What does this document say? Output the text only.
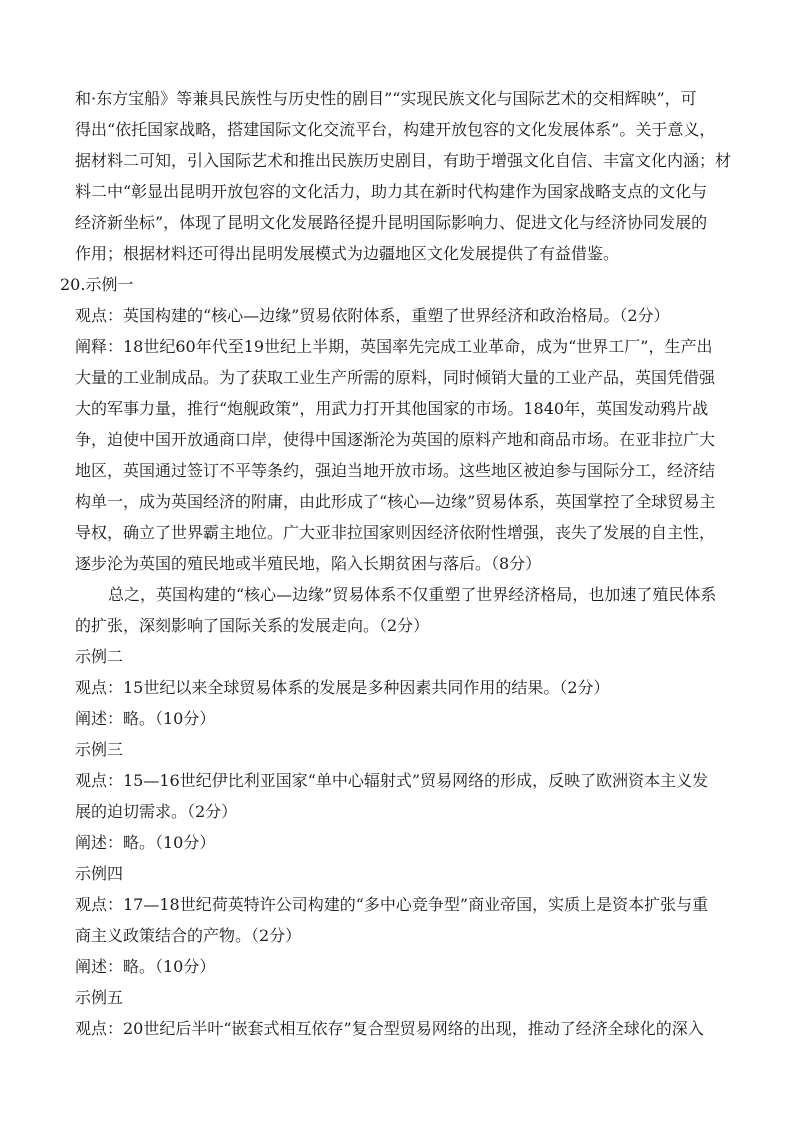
和·东方宝船》等兼具民族性与历史性的剧目”“实现民族文化与国际艺术的交相辉映”，可
得出“依托国家战略，搭建国际文化交流平台，构建开放包容的文化发展体系”。关于意义，
据材料二可知，引入国际艺术和推出民族历史剧目，有助于增强文化自信、丰富文化内涵；材
料二中“彰显出昆明开放包容的文化活力，助力其在新时代构建作为国家战略支点的文化与
经济新坐标”，体现了昆明文化发展路径提升昆明国际影响力、促进文化与经济协同发展的
作用；根据材料还可得出昆明发展模式为边疆地区文化发展提供了有益借鉴。
20.示例一
观点：英国构建的“核心—边缘”贸易依附体系，重塑了世界经济和政治格局。（2分）
阐释：18世纪60年代至19世纪上半期，英国率先完成工业革命，成为“世界工厂”，生产出
大量的工业制成品。为了获取工业生产所需的原料，同时倾销大量的工业产品，英国凭借强
大的军事力量，推行“炮舰政策”，用武力打开其他国家的市场。1840年，英国发动鸦片战
争，迫使中国开放通商口岸，使得中国逐渐沦为英国的原料产地和商品市场。在亚非拉广大
地区，英国通过签订不平等条约，强迫当地开放市场。这些地区被迫参与国际分工，经济结
构单一，成为英国经济的附庸，由此形成了“核心—边缘”贸易体系，英国掌控了全球贸易主
导权，确立了世界霸主地位。广大亚非拉国家则因经济依附性增强，丧失了发展的自主性，
逐步沦为英国的殖民地或半殖民地，陷入长期贫困与落后。（8分）
总之，英国构建的“核心—边缘”贸易体系不仅重塑了世界经济格局，也加速了殖民体系
的扩张，深刻影响了国际关系的发展走向。（2分）
示例二
观点：15世纪以来全球贸易体系的发展是多种因素共同作用的结果。（2分）
阐述：略。（10分）
示例三
观点：15—16世纪伊比利亚国家“单中心辐射式”贸易网络的形成，反映了欧洲资本主义发
展的迫切需求。（2分）
阐述：略。（10分）
示例四
观点：17—18世纪荷英特许公司构建的“多中心竞争型”商业帝国，实质上是资本扩张与重
商主义政策结合的产物。（2分）
阐述：略。（10分）
示例五
观点：20世纪后半叶“嵌套式相互依存”复合型贸易网络的出现，推动了经济全球化的深入
